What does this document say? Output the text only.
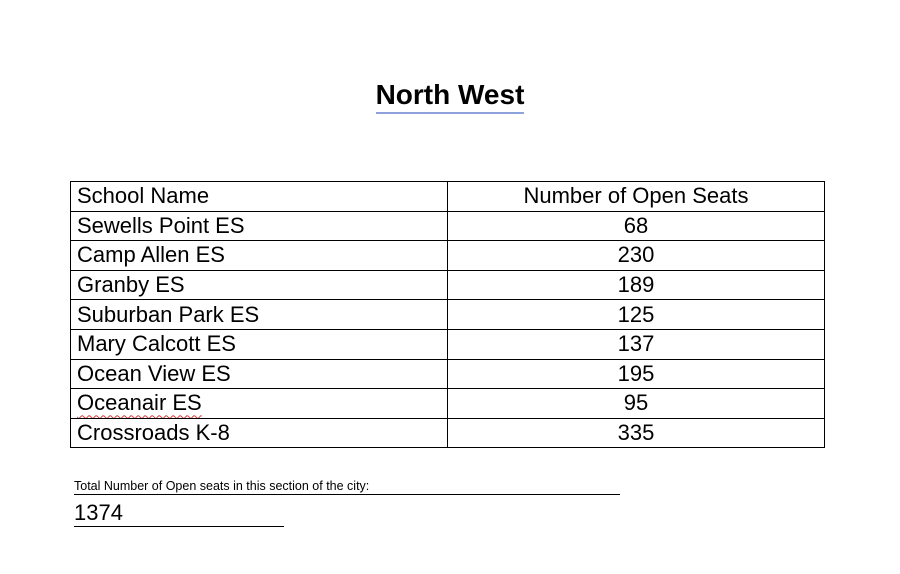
North West
School Name	Number of Open Seats
Sewells Point ES	68
Camp Allen ES	230
Granby ES	189
Suburban Park ES	125
Mary Calcott ES	137
Ocean View ES	195
Oceanair ES	95
Crossroads K-8	335
Total Number of Open seats in this section of the city:
1374
